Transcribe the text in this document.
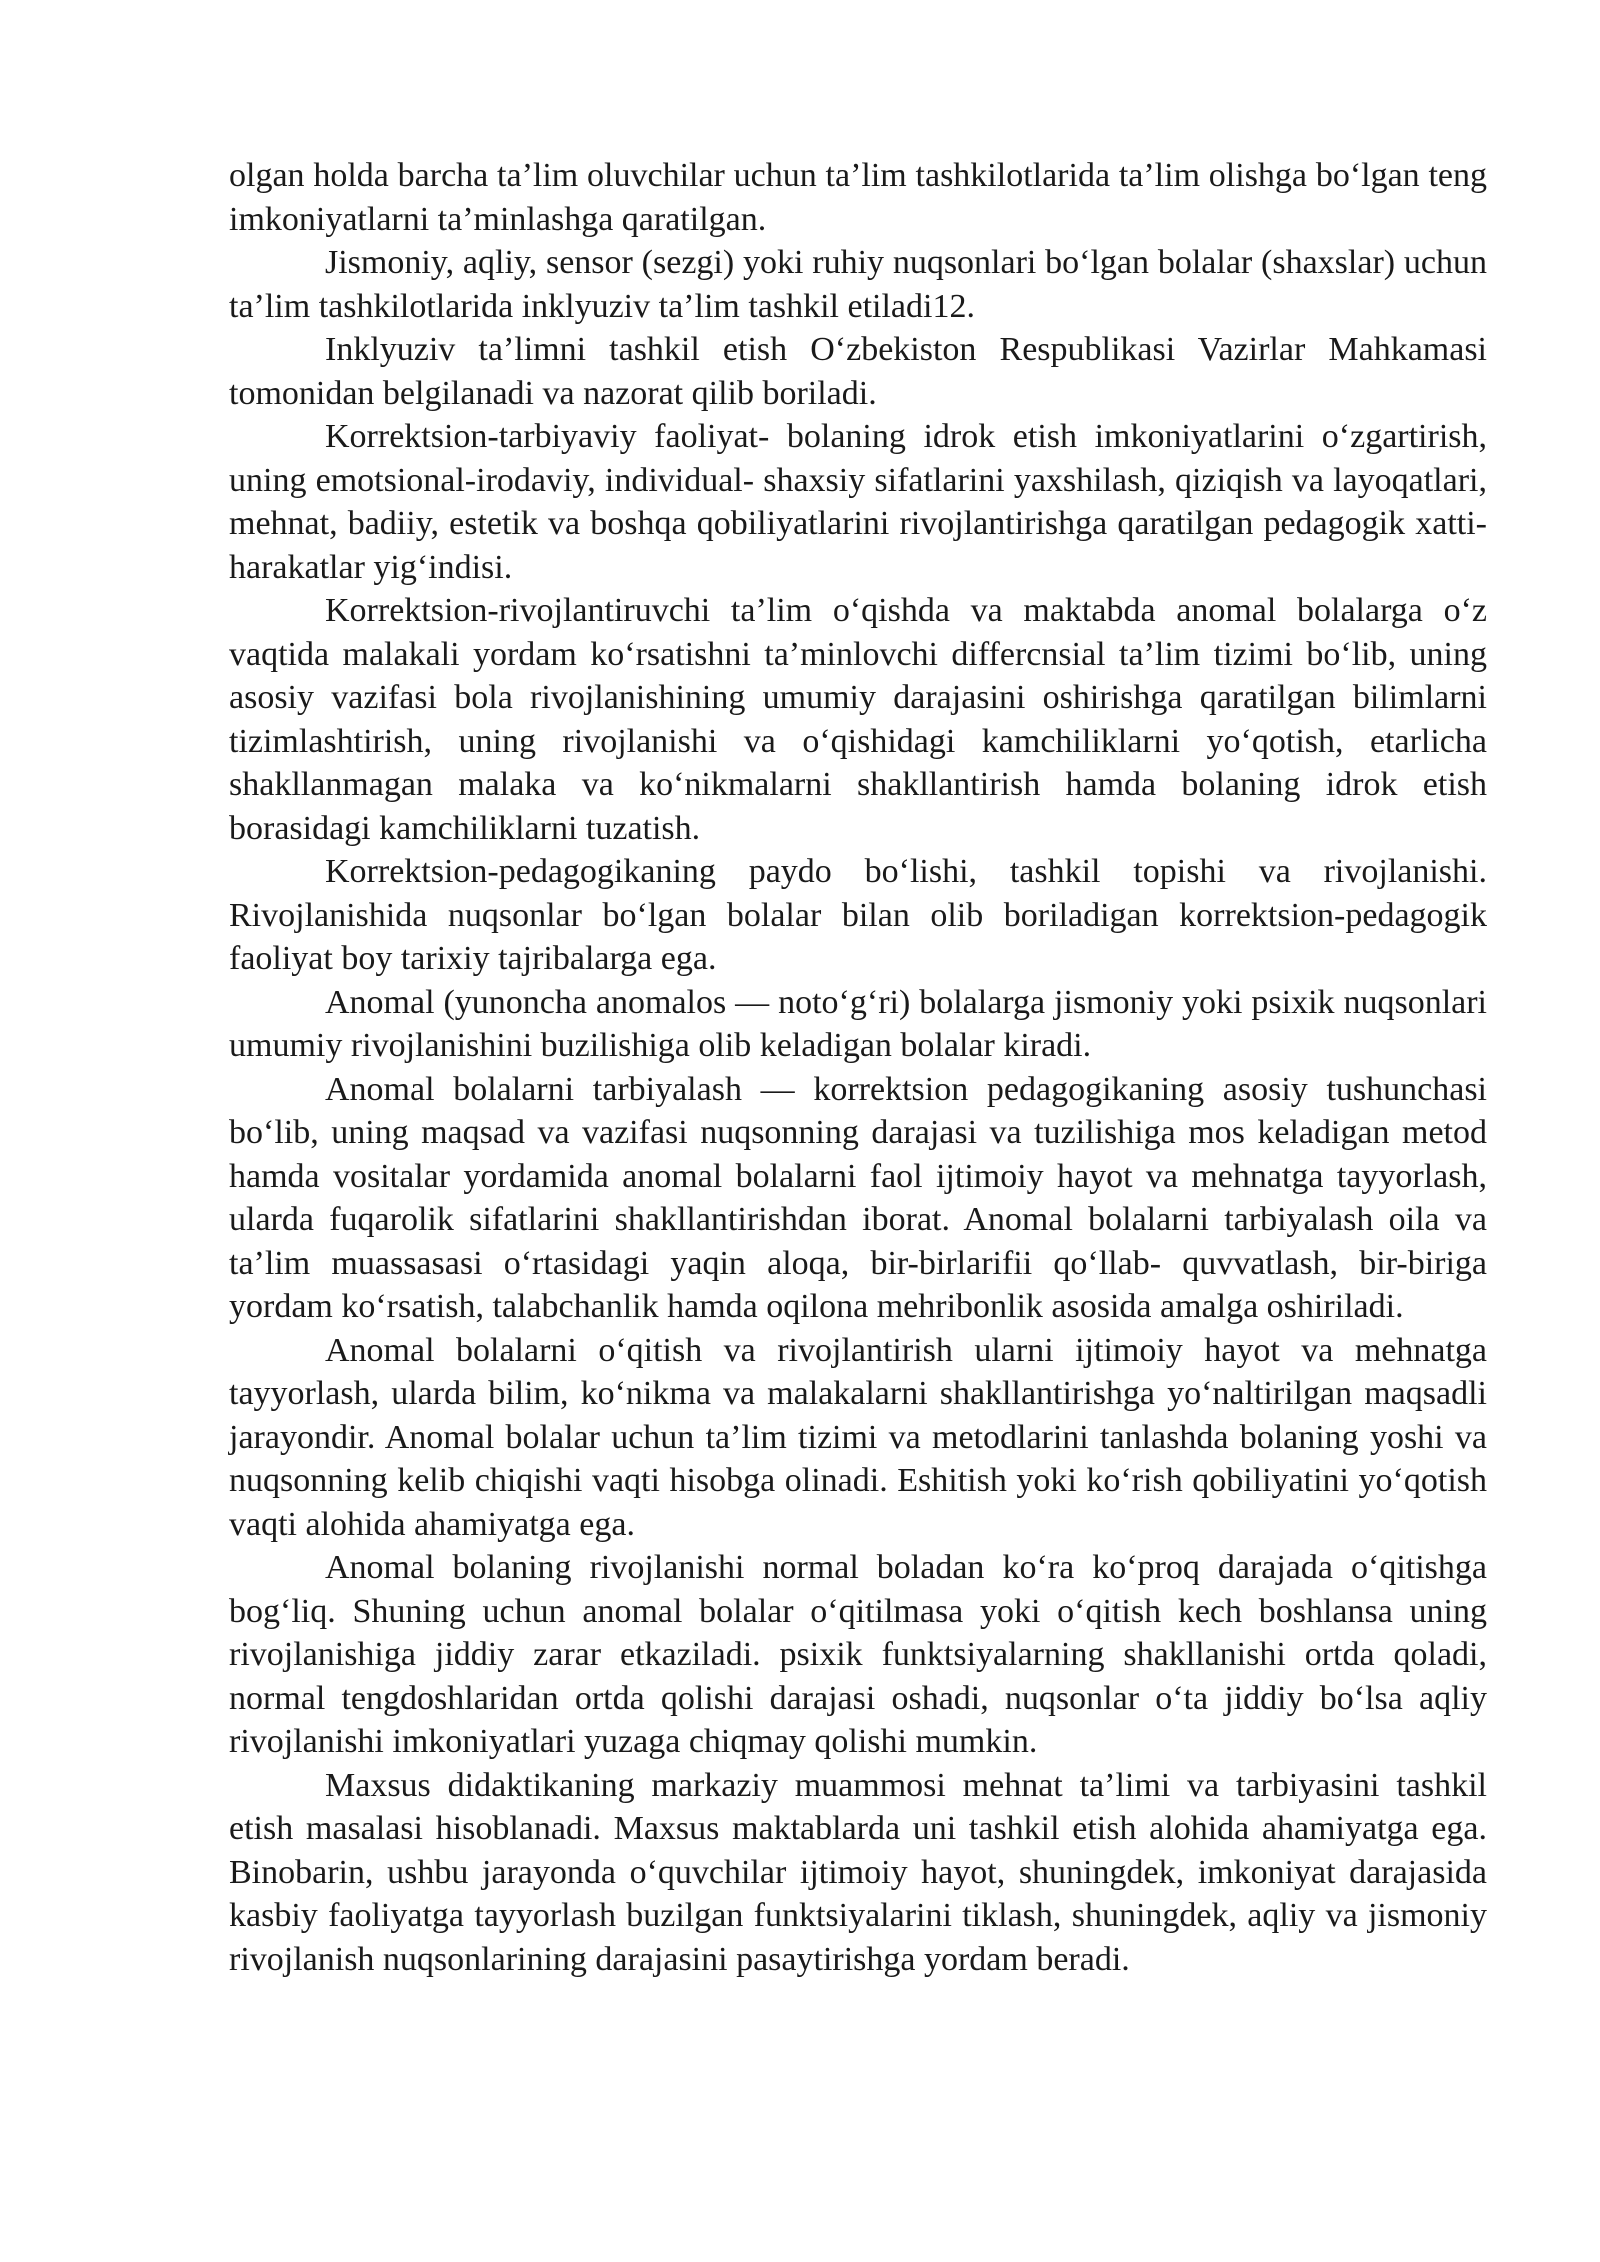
olgan holda barcha ta’lim oluvchilar uchun ta’lim tashkilotlarida ta’lim olishga bo‘lgan teng imkoniyatlarni ta’minlashga qaratilgan.

Jismoniy, aqliy, sensor (sezgi) yoki ruhiy nuqsonlari bo‘lgan bolalar (shaxslar) uchun ta’lim tashkilotlarida inklyuziv ta’lim tashkil etiladi12.

Inklyuziv ta’limni tashkil etish O‘zbekiston Respublikasi Vazirlar Mahkamasi tomonidan belgilanadi va nazorat qilib boriladi.

Korrektsion-tarbiyaviy faoliyat- bolaning idrok etish imkoniyatlarini o‘zgartirish, uning emotsional-irodaviy, individual- shaxsiy sifatlarini yaxshilash, qiziqish va layoqatlari, mehnat, badiiy, estetik va boshqa qobiliyatlarini rivojlantirishga qaratilgan pedagogik xatti-harakatlar yig‘indisi.

Korrektsion-rivojlantiruvchi ta’lim o‘qishda va maktabda anomal bolalarga o‘z vaqtida malakali yordam ko‘rsatishni ta’minlovchi differcnsial ta’lim tizimi bo‘lib, uning asosiy vazifasi bola rivojlanishining umumiy darajasini oshirishga qaratilgan bilimlarni tizimlashtirish, uning rivojlanishi va o‘qishidagi kamchiliklarni yo‘qotish, etarlicha shakllanmagan malaka va ko‘nikmalarni shakllantirish hamda bolaning idrok etish borasidagi kamchiliklarni tuzatish.

Korrektsion-pedagogikaning paydo bo‘lishi, tashkil topishi va rivojlanishi. Rivojlanishida nuqsonlar bo‘lgan bolalar bilan olib boriladigan korrektsion-pedagogik faoliyat boy tarixiy tajribalarga ega.

Anomal (yunoncha anomalos — noto‘g‘ri) bolalarga jismoniy yoki psixik nuqsonlari umumiy rivojlanishini buzilishiga olib keladigan bolalar kiradi.

Anomal bolalarni tarbiyalash — korrektsion pedagogikaning asosiy tushunchasi bo‘lib, uning maqsad va vazifasi nuqsonning darajasi va tuzilishiga mos keladigan metod hamda vositalar yordamida anomal bolalarni faol ijtimoiy hayot va mehnatga tayyorlash, ularda fuqarolik sifatlarini shakllantirishdan iborat. Anomal bolalarni tarbiyalash oila va ta’lim muassasasi o‘rtasidagi yaqin aloqa, bir-birlarifii qo‘llab- quvvatlash, bir-biriga yordam ko‘rsatish, talabchanlik hamda oqilona mehribonlik asosida amalga oshiriladi.

Anomal bolalarni o‘qitish va rivojlantirish ularni ijtimoiy hayot va mehnatga tayyorlash, ularda bilim, ko‘nikma va malakalarni shakllantirishga yo‘naltirilgan maqsadli jarayondir. Anomal bolalar uchun ta’lim tizimi va metodlarini tanlashda bolaning yoshi va nuqsonning kelib chiqishi vaqti hisobga olinadi. Eshitish yoki ko‘rish qobiliyatini yo‘qotish vaqti alohida ahamiyatga ega.

Anomal bolaning rivojlanishi normal boladan ko‘ra ko‘proq darajada o‘qitishga bog‘liq. Shuning uchun anomal bolalar o‘qitilmasa yoki o‘qitish kech boshlansa uning rivojlanishiga jiddiy zarar etkaziladi. psixik funktsiyalarning shakllanishi ortda qoladi, normal tengdoshlaridan ortda qolishi darajasi oshadi, nuqsonlar o‘ta jiddiy bo‘lsa aqliy rivojlanishi imkoniyatlari yuzaga chiqmay qolishi mumkin.

Maxsus didaktikaning markaziy muammosi mehnat ta’limi va tarbiyasini tashkil etish masalasi hisoblanadi. Maxsus maktablarda uni tashkil etish alohida ahamiyatga ega. Binobarin, ushbu jarayonda o‘quvchilar ijtimoiy hayot, shuningdek, imkoniyat darajasida kasbiy faoliyatga tayyorlash buzilgan funktsiyalarini tiklash, shuningdek, aqliy va jismoniy rivojlanish nuqsonlarining darajasini pasaytirishga yordam beradi.
